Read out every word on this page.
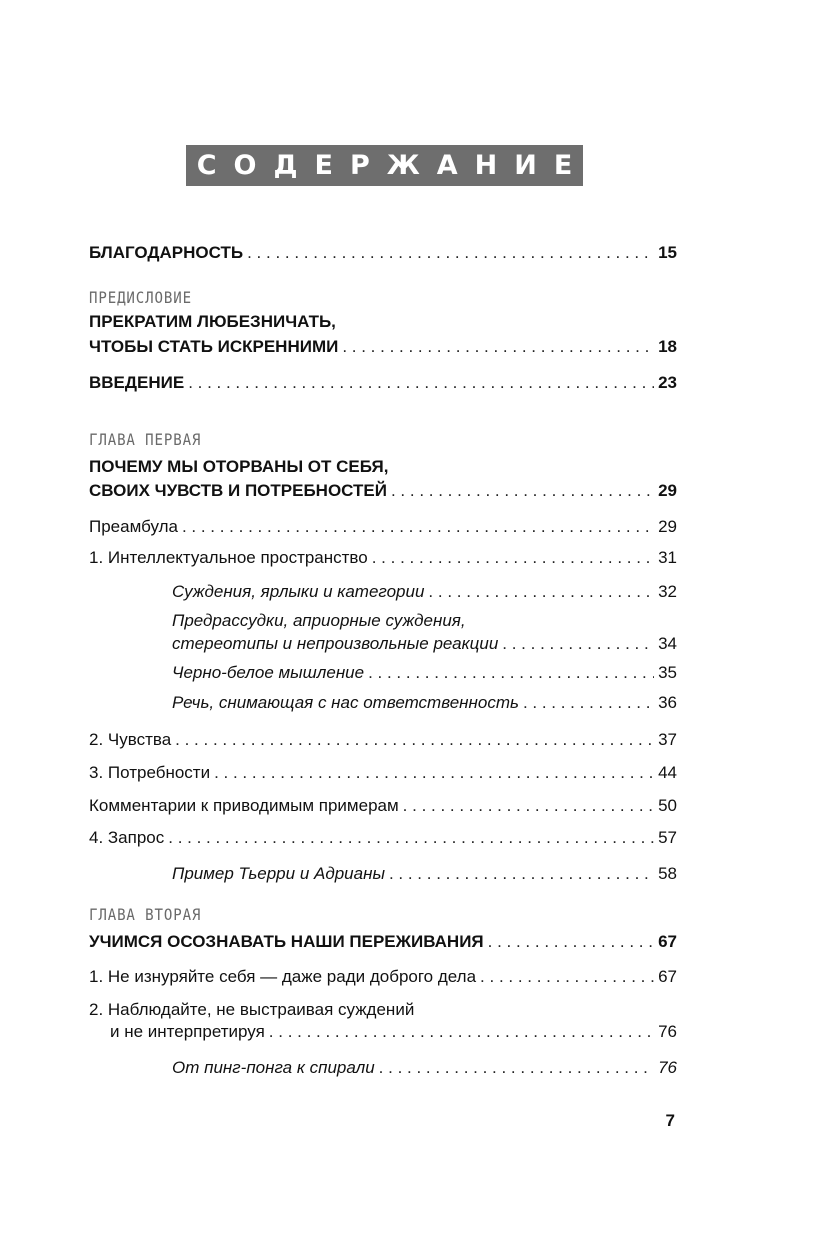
СОДЕРЖАНИЕ
БЛАГОДАРНОСТЬ . . .	15
ПРЕДИСЛОВИЕ
ПРЕКРАТИМ ЛЮБЕЗНИЧАТЬ,
ЧТОБЫ СТАТЬ ИСКРЕННИМИ . . .	18
ВВЕДЕНИЕ . . .	23
ГЛАВА ПЕРВАЯ
ПОЧЕМУ МЫ ОТОРВАНЫ ОТ СЕБЯ,
СВОИХ ЧУВСТВ И ПОТРЕБНОСТЕЙ . . .	29
Преамбула . . .	29
1. Интеллектуальное пространство . . .	31
Суждения, ярлыки и категории . . .	32
Предрассудки, априорные суждения,
стереотипы и непроизвольные реакции . . .	34
Черно-белое мышление . . .	35
Речь, снимающая с нас ответственность . . .	36
2. Чувства . . .	37
3. Потребности . . .	44
Комментарии к приводимым примерам . . .	50
4. Запрос . . .	57
Пример Тьерри и Адрианы . . .	58
ГЛАВА ВТОРАЯ
УЧИМСЯ ОСОЗНАВАТЬ НАШИ ПЕРЕЖИВАНИЯ . . .	67
1. Не изнуряйте себя — даже ради доброго дела . . .	67
2. Наблюдайте, не выстраивая суждений
и не интерпретируя . . .	76
От пинг-понга к спирали . . .	76
7
